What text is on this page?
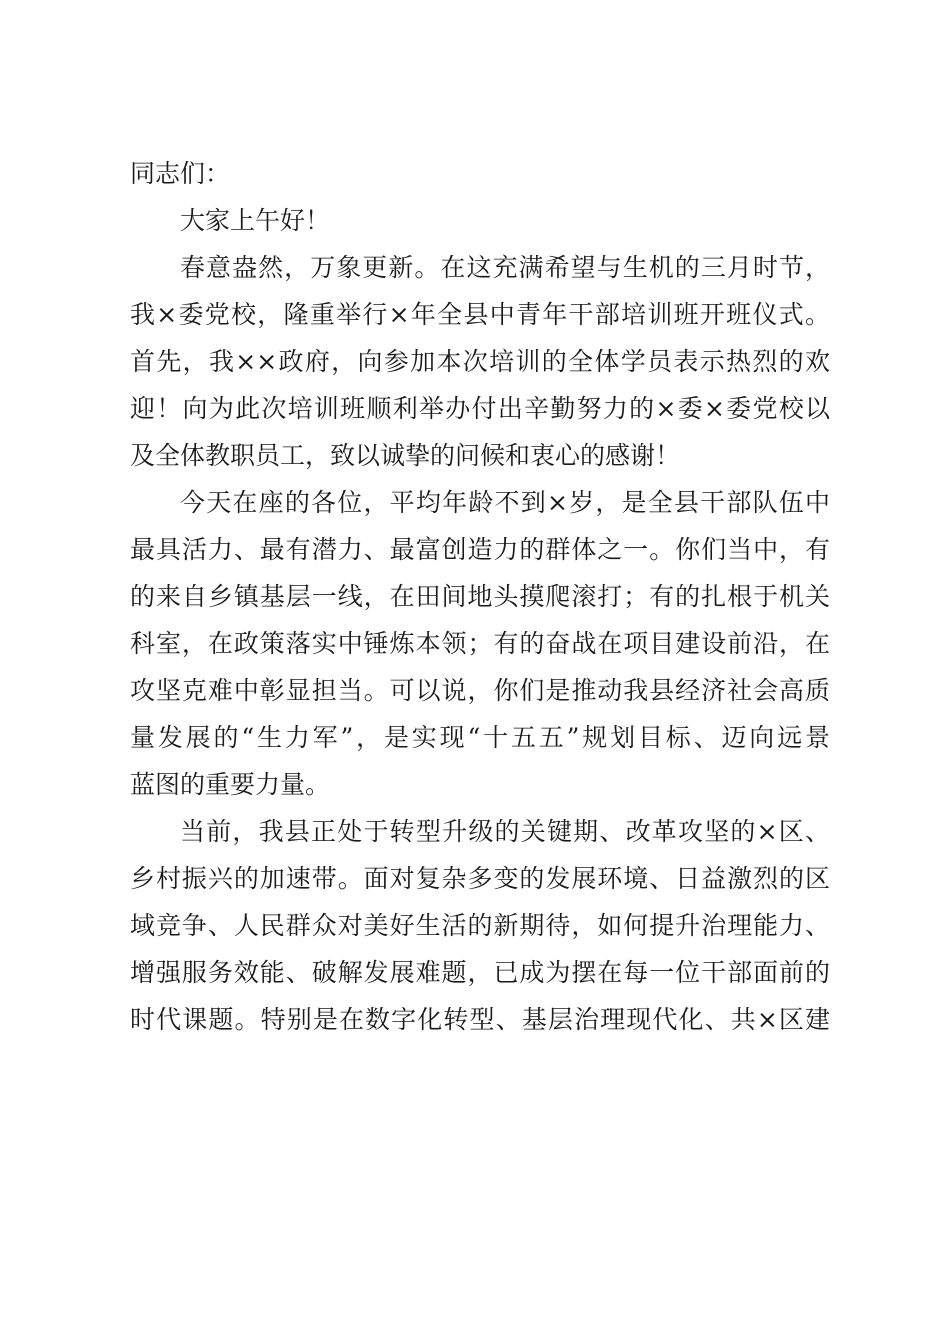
同志们：
大家上午好！
春意盎然，万象更新。在这充满希望与生机的三月时节，
我×委党校，隆重举行×年全县中青年干部培训班开班仪式。
首先，我××政府，向参加本次培训的全体学员表示热烈的欢
迎！向为此次培训班顺利举办付出辛勤努力的×委×委党校以
及全体教职员工，致以诚挚的问候和衷心的感谢！
今天在座的各位，平均年龄不到×岁，是全县干部队伍中
最具活力、最有潜力、最富创造力的群体之一。你们当中，有
的来自乡镇基层一线，在田间地头摸爬滚打；有的扎根于机关
科室，在政策落实中锤炼本领；有的奋战在项目建设前沿，在
攻坚克难中彰显担当。可以说，你们是推动我县经济社会高质
量发展的“生力军”，是实现“十五五”规划目标、迈向远景
蓝图的重要力量。
当前，我县正处于转型升级的关键期、改革攻坚的×区、
乡村振兴的加速带。面对复杂多变的发展环境、日益激烈的区
域竞争、人民群众对美好生活的新期待，如何提升治理能力、
增强服务效能、破解发展难题，已成为摆在每一位干部面前的
时代课题。特别是在数字化转型、基层治理现代化、共×区建
